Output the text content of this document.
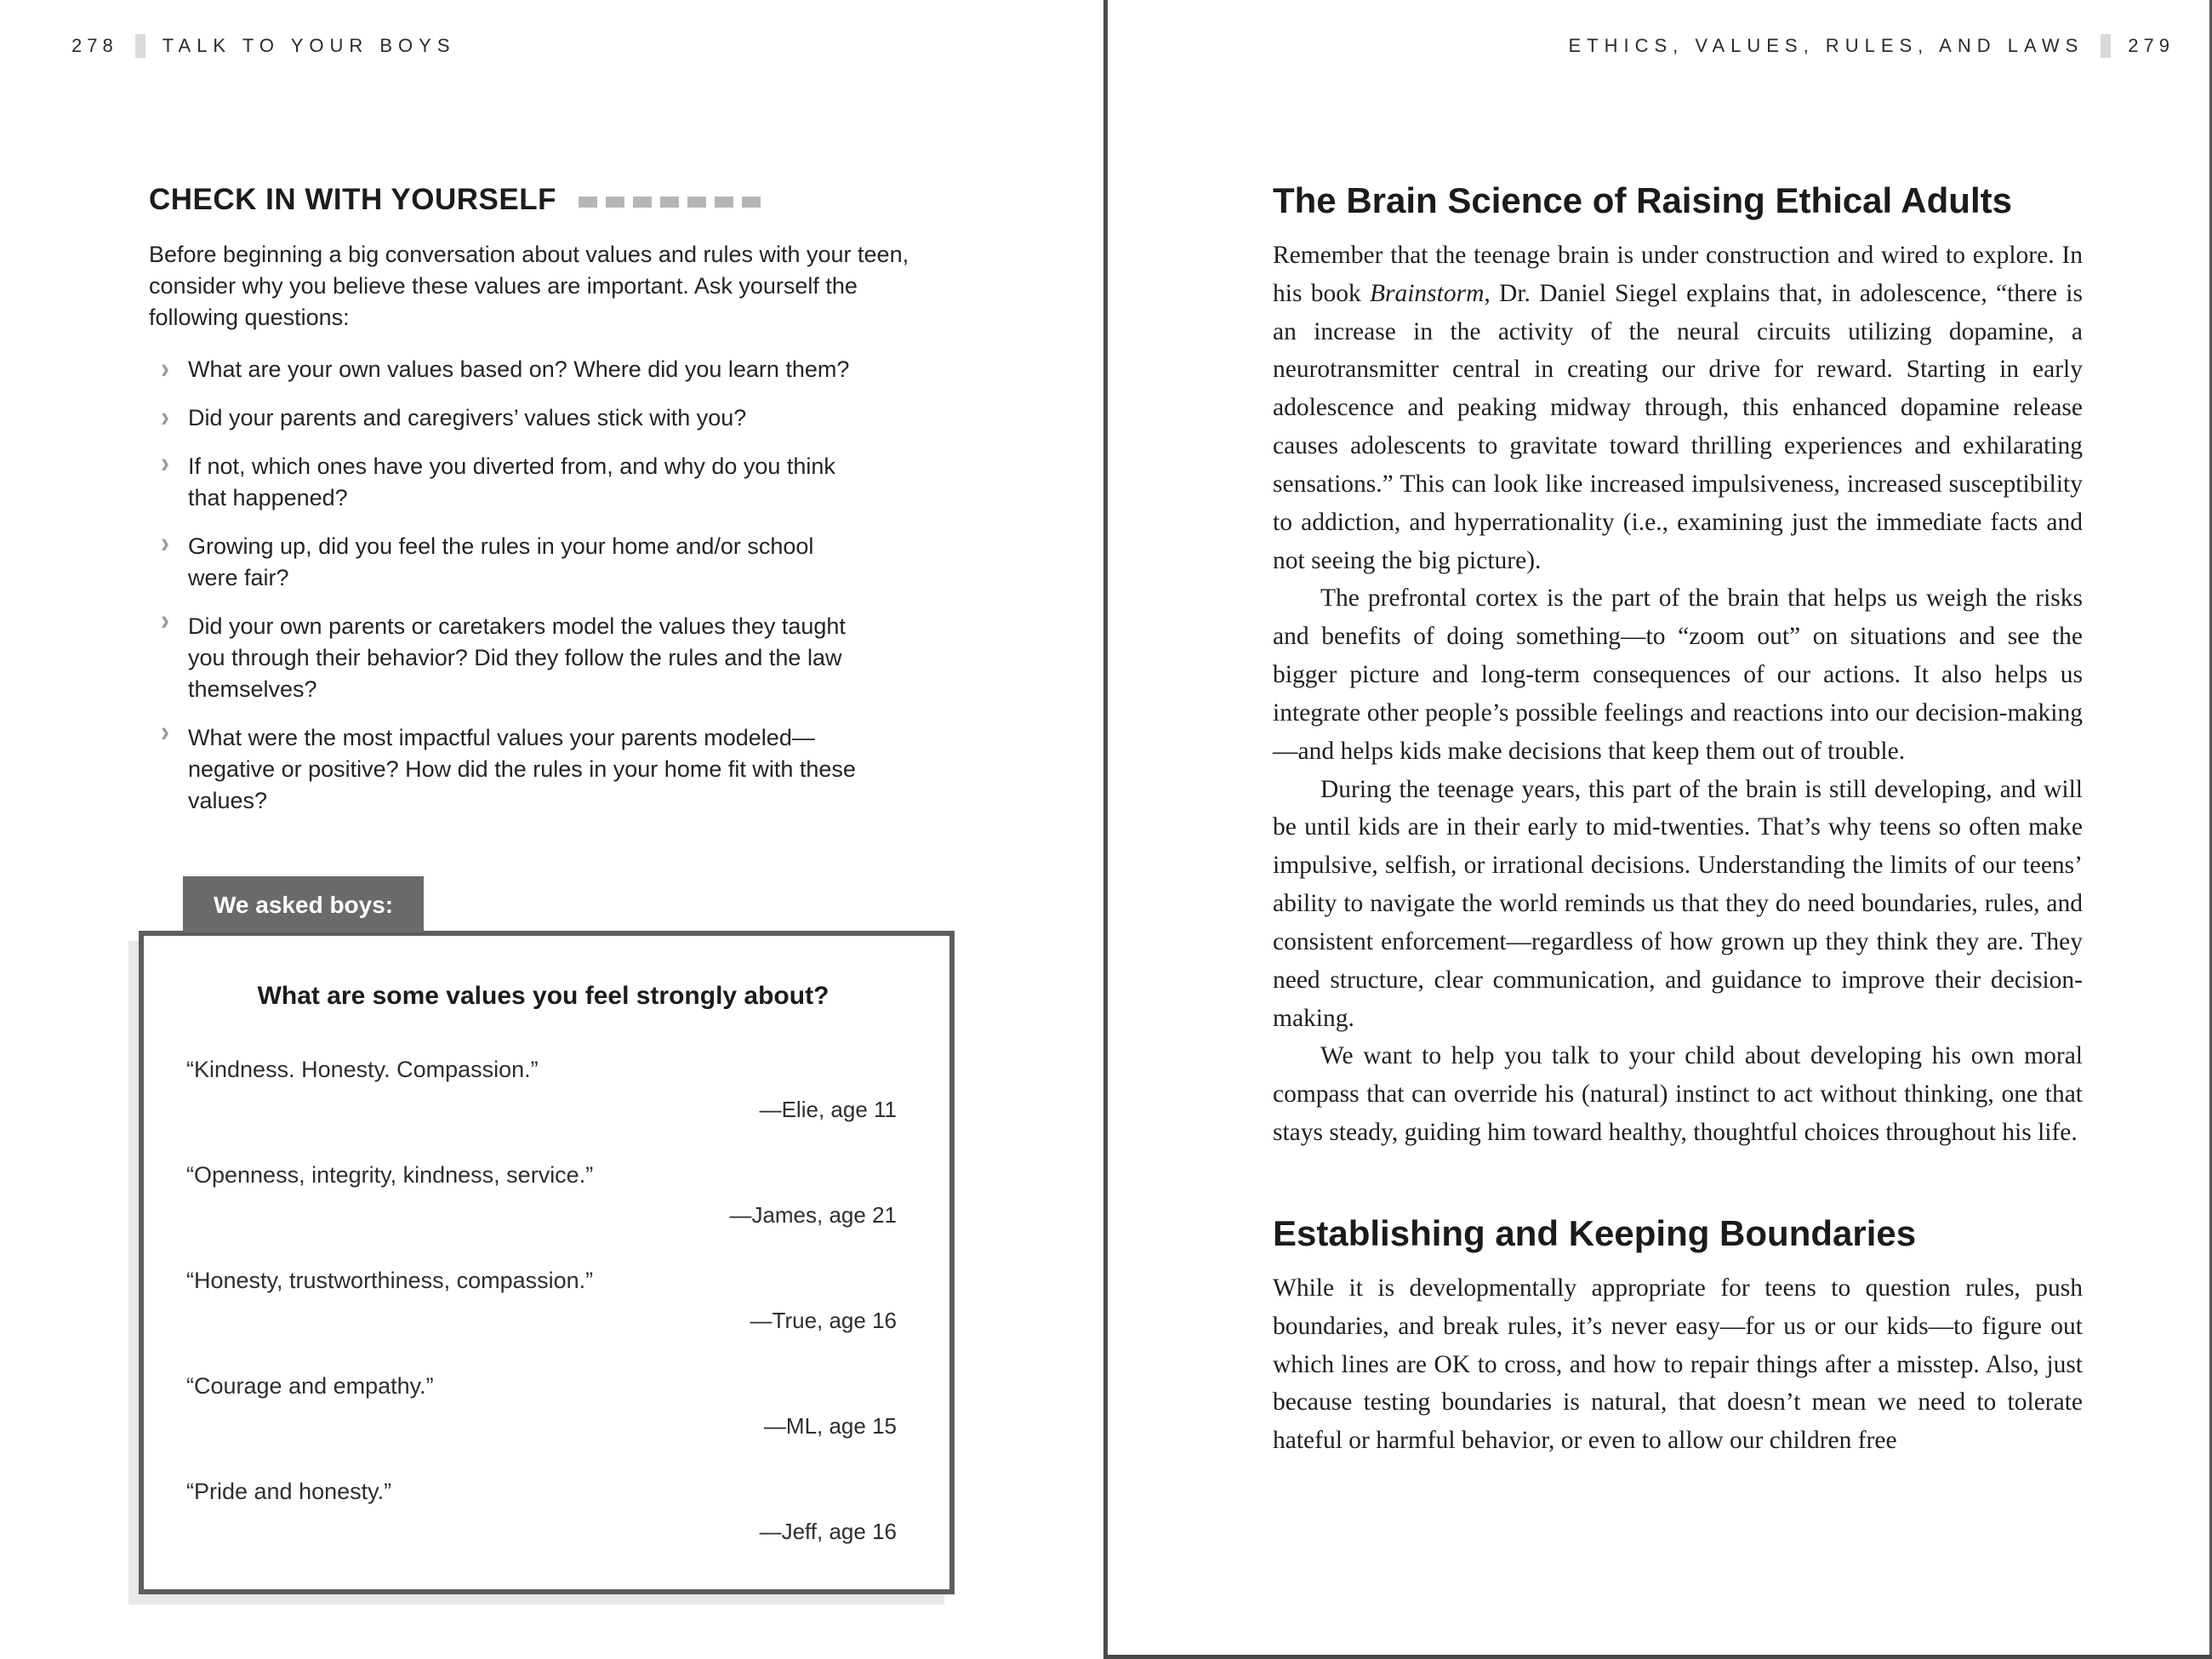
278 TALK TO YOUR BOYS
CHECK IN WITH YOURSELF
Before beginning a big conversation about values and rules with your teen, consider why you believe these values are important. Ask yourself the following questions:
› What are your own values based on? Where did you learn them?
› Did your parents and caregivers’ values stick with you?
› If not, which ones have you diverted from, and why do you think that happened?
› Growing up, did you feel the rules in your home and/or school were fair?
› Did your own parents or caretakers model the values they taught you through their behavior? Did they follow the rules and the law themselves?
› What were the most impactful values your parents modeled—negative or positive? How did the rules in your home fit with these values?
We asked boys:
What are some values you feel strongly about?
“Kindness. Honesty. Compassion.”
—Elie, age 11
“Openness, integrity, kindness, service.”
—James, age 21
“Honesty, trustworthiness, compassion.”
—True, age 16
“Courage and empathy.”
—ML, age 15
“Pride and honesty.”
—Jeff, age 16
ETHICS, VALUES, RULES, AND LAWS 279
The Brain Science of Raising Ethical Adults

Remember that the teenage brain is under construction and wired to explore. In his book Brainstorm, Dr. Daniel Siegel explains that, in adolescence, “there is an increase in the activity of the neural circuits utilizing dopamine, a neurotransmitter central in creating our drive for reward. Starting in early adolescence and peaking midway through, this enhanced dopamine release causes adolescents to gravitate toward thrilling experiences and exhilarating sensations.” This can look like increased impulsiveness, increased susceptibility to addiction, and hyperrationality (i.e., examining just the immediate facts and not seeing the big picture).

The prefrontal cortex is the part of the brain that helps us weigh the risks and benefits of doing something—to “zoom out” on situations and see the bigger picture and long-term consequences of our actions. It also helps us integrate other people’s possible feelings and reactions into our decision-making—and helps kids make decisions that keep them out of trouble.

During the teenage years, this part of the brain is still developing, and will be until kids are in their early to mid-twenties. That’s why teens so often make impulsive, selfish, or irrational decisions. Understanding the limits of our teens’ ability to navigate the world reminds us that they do need boundaries, rules, and consistent enforcement—regardless of how grown up they think they are. They need structure, clear communication, and guidance to improve their decision-making.

We want to help you talk to your child about developing his own moral compass that can override his (natural) instinct to act without thinking, one that stays steady, guiding him toward healthy, thoughtful choices throughout his life.

Establishing and Keeping Boundaries

While it is developmentally appropriate for teens to question rules, push boundaries, and break rules, it’s never easy—for us or our kids—to figure out which lines are OK to cross, and how to repair things after a misstep. Also, just because testing boundaries is natural, that doesn’t mean we need to tolerate hateful or harmful behavior, or even to allow our children free
